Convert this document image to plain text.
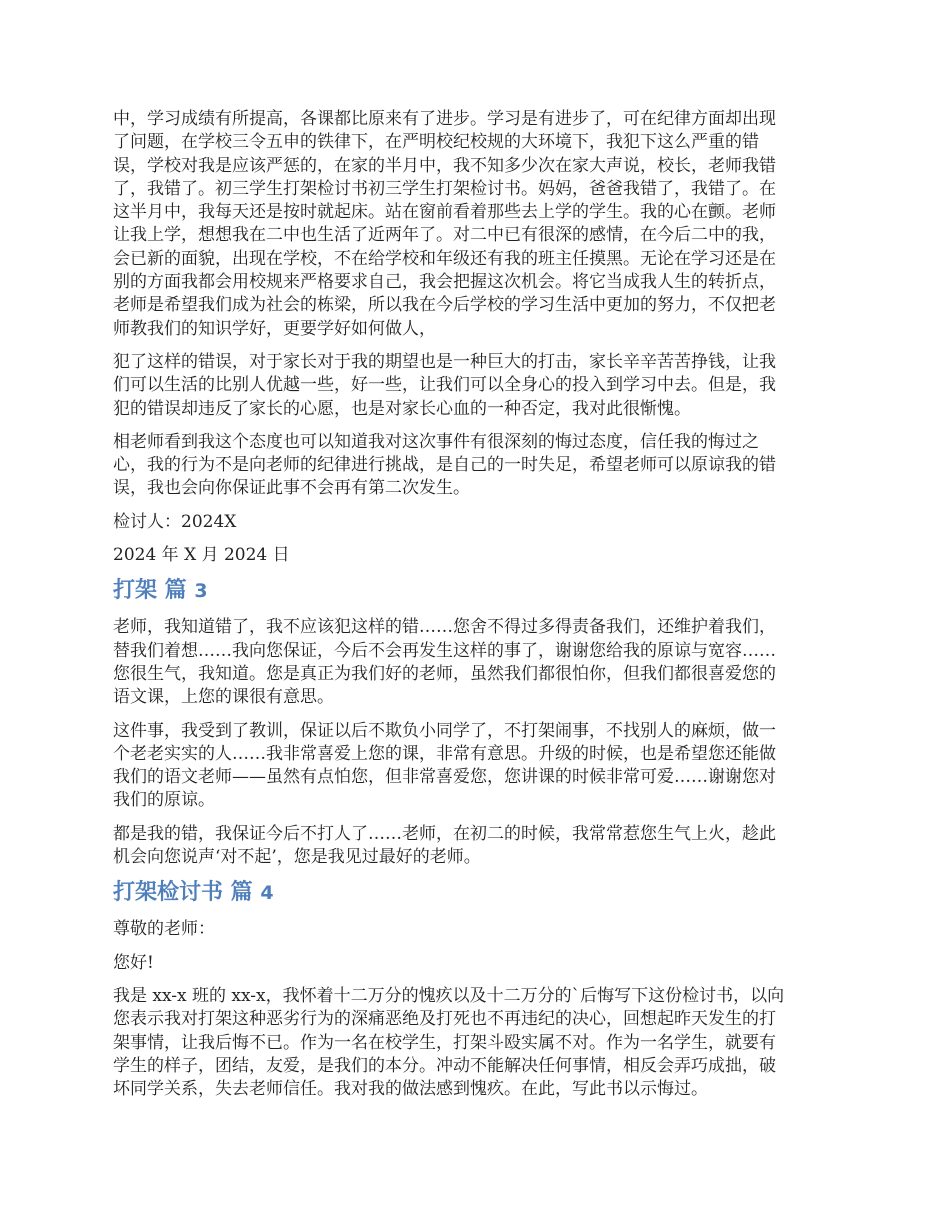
中，学习成绩有所提高，各课都比原来有了进步。学习是有进步了，可在纪律方面却出现
了问题，在学校三令五申的铁律下，在严明校纪校规的大环境下，我犯下这么严重的错
误，学校对我是应该严惩的，在家的半月中，我不知多少次在家大声说，校长，老师我错
了，我错了。初三学生打架检讨书初三学生打架检讨书。妈妈，爸爸我错了，我错了。在
这半月中，我每天还是按时就起床。站在窗前看着那些去上学的学生。我的心在颤。老师
让我上学，想想我在二中也生活了近两年了。对二中已有很深的感情，在今后二中的我，
会已新的面貌，出现在学校，不在给学校和年级还有我的班主任摸黑。无论在学习还是在
别的方面我都会用校规来严格要求自己，我会把握这次机会。将它当成我人生的转折点，
老师是希望我们成为社会的栋梁，所以我在今后学校的学习生活中更加的努力，不仅把老
师教我们的知识学好，更要学好如何做人，

犯了这样的错误，对于家长对于我的期望也是一种巨大的打击，家长辛辛苦苦挣钱，让我
们可以生活的比别人优越一些，好一些，让我们可以全身心的投入到学习中去。但是，我
犯的错误却违反了家长的心愿，也是对家长心血的一种否定，我对此很惭愧。

相老师看到我这个态度也可以知道我对这次事件有很深刻的悔过态度，信任我的悔过之
心，我的行为不是向老师的纪律进行挑战，是自己的一时失足，希望老师可以原谅我的错
误，我也会向你保证此事不会再有第二次发生。

检讨人：2024X

2024 年 X 月 2024 日

打架 篇 3

老师，我知道错了，我不应该犯这样的错……您舍不得过多得责备我们，还维护着我们，
替我们着想……我向您保证，今后不会再发生这样的事了，谢谢您给我的原谅与宽容……
您很生气，我知道。您是真正为我们好的老师，虽然我们都很怕你，但我们都很喜爱您的
语文课，上您的课很有意思。

这件事，我受到了教训，保证以后不欺负小同学了，不打架闹事，不找别人的麻烦，做一
个老老实实的人……我非常喜爱上您的课，非常有意思。升级的时候，也是希望您还能做
我们的语文老师——虽然有点怕您，但非常喜爱您，您讲课的时候非常可爱……谢谢您对
我们的原谅。

都是我的错，我保证今后不打人了……老师，在初二的时候，我常常惹您生气上火，趁此
机会向您说声‘对不起’，您是我见过最好的老师。

打架检讨书 篇 4

尊敬的老师：

您好!

我是 xx-x 班的 xx-x，我怀着十二万分的愧疚以及十二万分的`后悔写下这份检讨书，以向
您表示我对打架这种恶劣行为的深痛恶绝及打死也不再违纪的决心，回想起昨天发生的打
架事情，让我后悔不已。作为一名在校学生，打架斗殴实属不对。作为一名学生，就要有
学生的样子，团结，友爱，是我们的本分。冲动不能解决任何事情，相反会弄巧成拙，破
坏同学关系，失去老师信任。我对我的做法感到愧疚。在此，写此书以示悔过。
